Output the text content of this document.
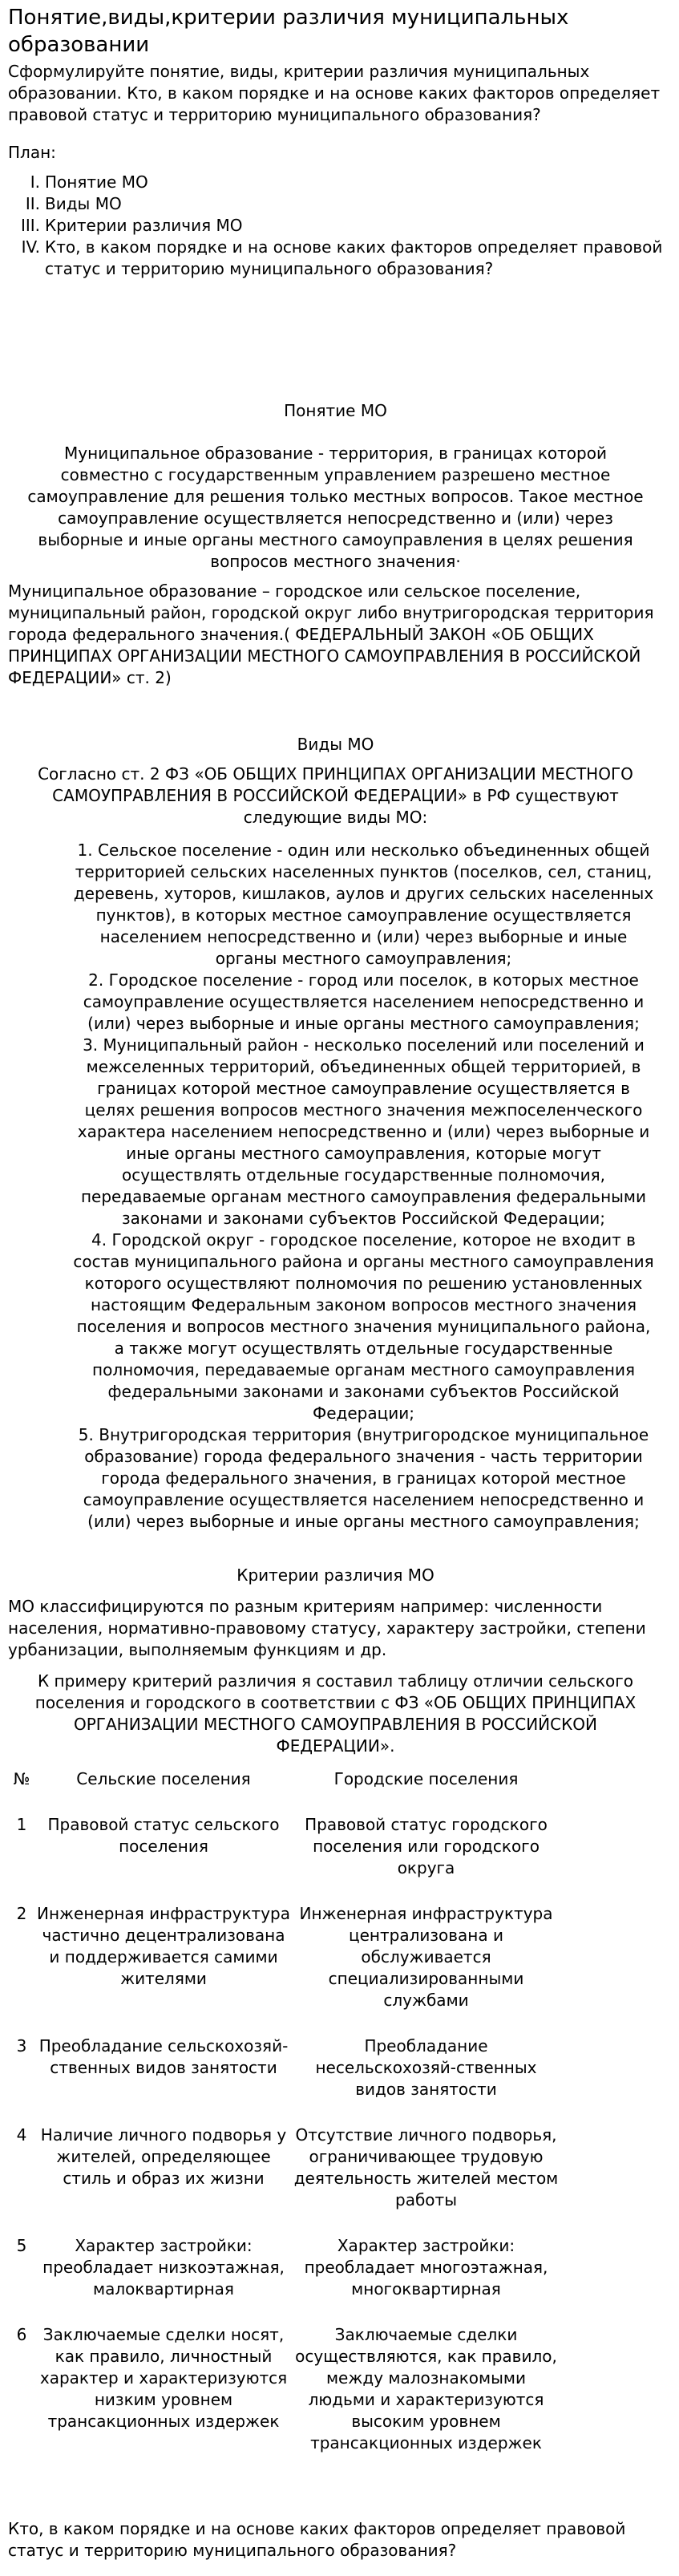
Понятие,виды,критерии различия муниципальных образовании

Сформулируйте понятие, виды, критерии различия муниципальных образовании. Кто, в каком порядке и на основе каких факторов определяет правовой статус и территорию муниципального образования?

План:

I. Понятие МО
II. Виды МО
III. Критерии различия МО
IV. Кто, в каком порядке и на основе каких факторов определяет правовой статус и территорию муниципального образования?
Понятие МО

Муниципальное образование - территория, в границах которой совместно с государственным управлением разрешено местное самоуправление для решения только местных вопросов. Такое местное самоуправление осуществляется непосредственно и (или) через выборные и иные органы местного самоуправления в целях решения вопросов местного значения·

Муниципальное образование – городское или сельское поселение, муниципальный район, городской округ либо внутригородская территория города федерального значения.( ФЕДЕРАЛЬНЫЙ ЗАКОН «ОБ ОБЩИХ ПРИНЦИПАХ ОРГАНИЗАЦИИ МЕСТНОГО САМОУПРАВЛЕНИЯ В РОССИЙСКОЙ ФЕДЕРАЦИИ» ст. 2)

Виды МО

Согласно ст. 2 ФЗ «ОБ ОБЩИХ ПРИНЦИПАХ ОРГАНИЗАЦИИ МЕСТНОГО САМОУПРАВЛЕНИЯ В РОССИЙСКОЙ ФЕДЕРАЦИИ» в РФ существуют следующие виды МО:

1. Сельское поселение - один или несколько объединенных общей территорией сельских населенных пунктов (поселков, сел, станиц, деревень, хуторов, кишлаков, аулов и других сельских населенных пунктов), в которых местное самоуправление осуществляется населением непосредственно и (или) через выборные и иные органы местного самоуправления;
2. Городское поселение - город или поселок, в которых местное самоуправление осуществляется населением непосредственно и (или) через выборные и иные органы местного самоуправления;
3. Муниципальный район - несколько поселений или поселений и межселенных территорий, объединенных общей территорией, в границах которой местное самоуправление осуществляется в целях решения вопросов местного значения межпоселенческого характера населением непосредственно и (или) через выборные и иные органы местного самоуправления, которые могут осуществлять отдельные государственные полномочия, передаваемые органам местного самоуправления федеральными законами и законами субъектов Российской Федерации;
4. Городской округ - городское поселение, которое не входит в состав муниципального района и органы местного самоуправления которого осуществляют полномочия по решению установленных настоящим Федеральным законом вопросов местного значения поселения и вопросов местного значения муниципального района, а также могут осуществлять отдельные государственные полномочия, передаваемые органам местного самоуправления федеральными законами и законами субъектов Российской Федерации;
5. Внутригородская территория (внутригородское муниципальное образование) города федерального значения - часть территории города федерального значения, в границах которой местное самоуправление осуществляется населением непосредственно и (или) через выборные и иные органы местного самоуправления;
Критерии различия МО

МО классифицируются по разным критериям например: численности населения, нормативно-правовому статусу, характеру застройки, степени урбанизации, выполняемым функциям и др.

К примеру критерий различия я составил таблицу отличии сельского поселения и городского в соответствии с ФЗ «ОБ ОБЩИХ ПРИНЦИПАХ ОРГАНИЗАЦИИ МЕСТНОГО САМОУПРАВЛЕНИЯ В РОССИЙСКОЙ ФЕДЕРАЦИИ».

№	Сельские поселения	Городские поселения
1	Правовой статус сельского поселения	Правовой статус городского поселения или городского округа
2	Инженерная инфраструктура частично децентрализована и поддерживается самими жителями	Инженерная инфраструктура централизована и обслуживается специализированными службами
3	Преобладание сельскохозяй-ственных видов занятости	Преобладание несельскохозяй-ственных видов занятости
4	Наличие личного подворья у жителей, определяющее стиль и образ их жизни	Отсутствие личного подворья, ограничивающее трудовую деятельность жителей местом работы
5	Характер застройки: преобладает низкоэтажная, малоквартирная	Характер застройки: преобладает многоэтажная, многоквартирная
6	Заключаемые сделки носят, как правило, личностный характер и характеризуются низким уровнем трансакционных издержек	Заключаемые сделки осуществляются, как правило, между малознакомыми людьми и характеризуются высоким уровнем трансакционных издержек

Кто, в каком порядке и на основе каких факторов определяет правовой статус и территорию муниципального образования?
